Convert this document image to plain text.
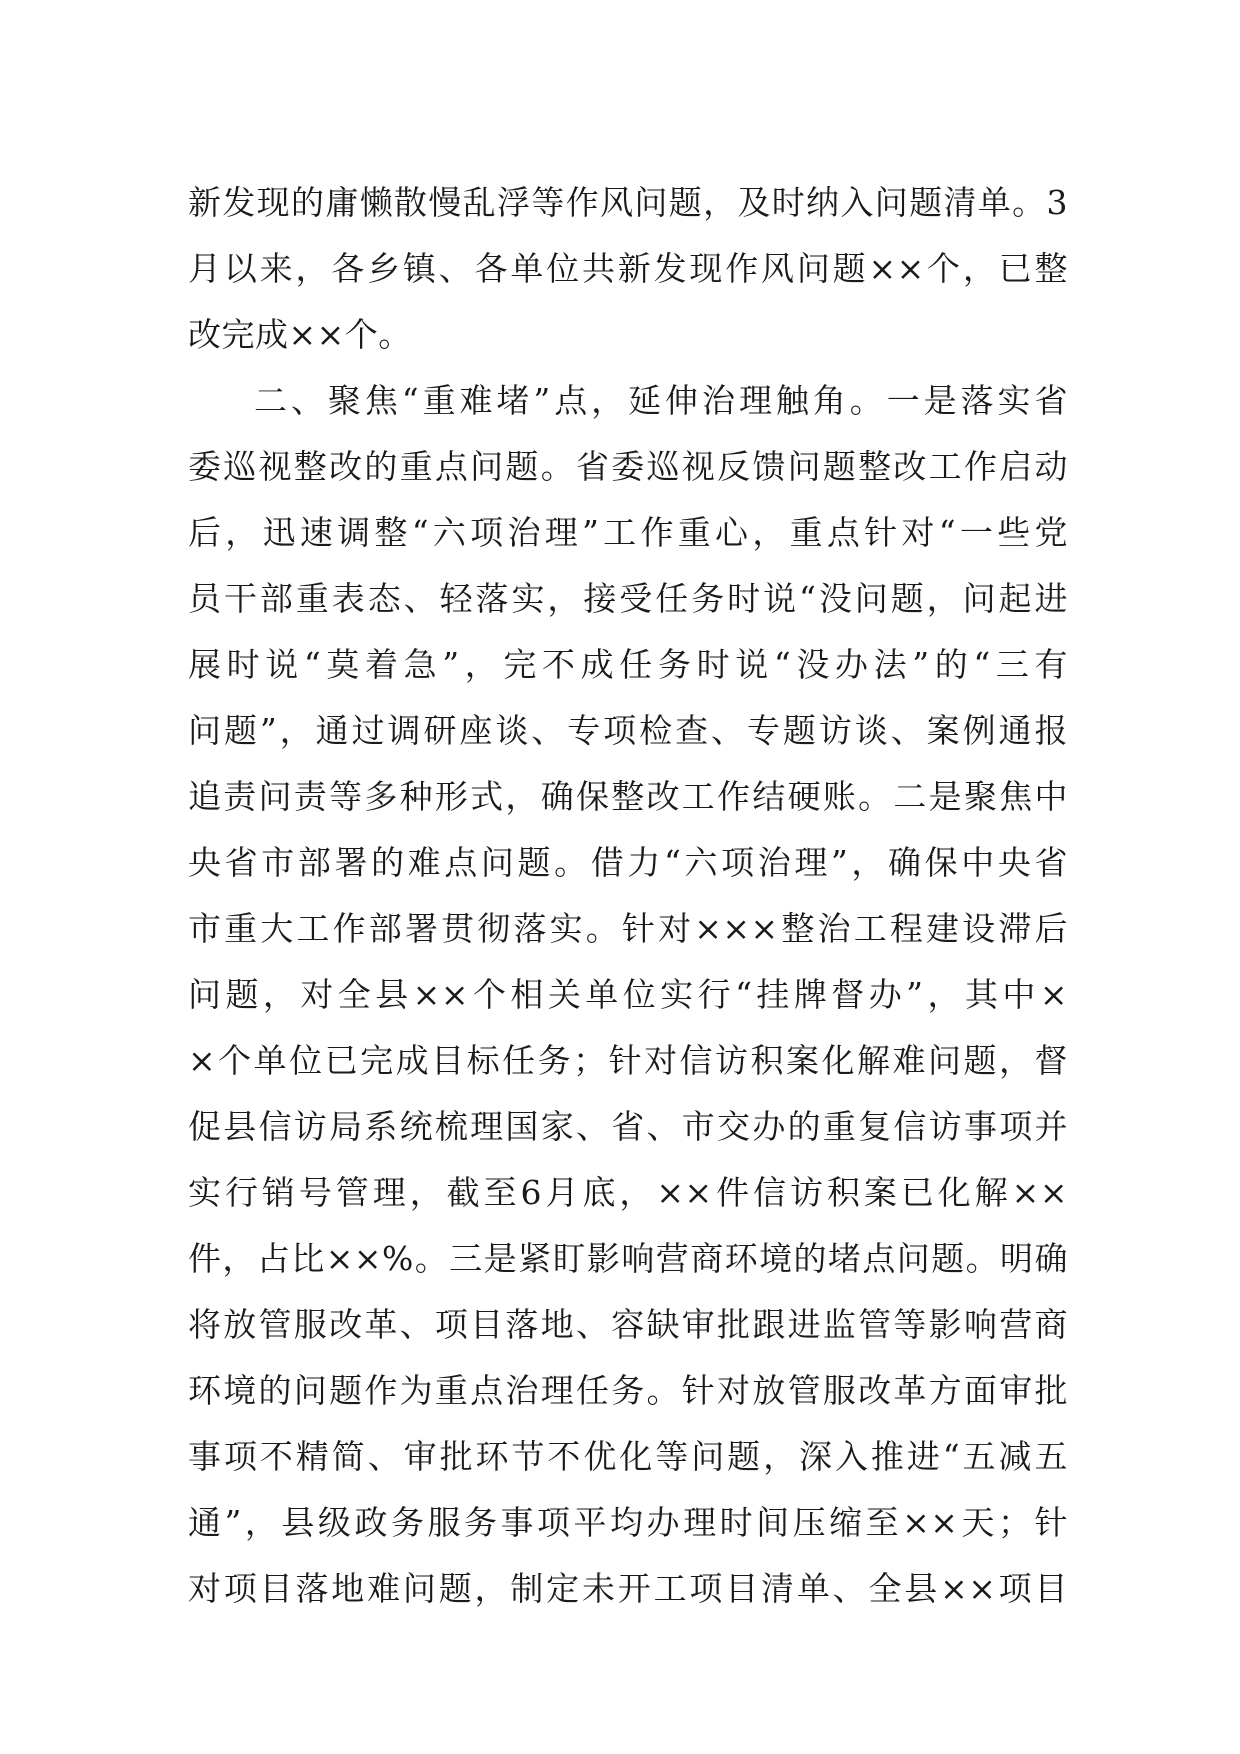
新发现的庸懒散慢乱浮等作风问题，及时纳入问题清单。3
月以来，各乡镇、各单位共新发现作风问题××个，已整
改完成××个。
二、聚焦“重难堵”点，延伸治理触角。一是落实省
委巡视整改的重点问题。省委巡视反馈问题整改工作启动
后，迅速调整“六项治理”工作重心，重点针对“一些党
员干部重表态、轻落实，接受任务时说“没问题，问起进
展时说“莫着急”，完不成任务时说“没办法”的“三有
问题”，通过调研座谈、专项检查、专题访谈、案例通报
追责问责等多种形式，确保整改工作结硬账。二是聚焦中
央省市部署的难点问题。借力“六项治理”，确保中央省
市重大工作部署贯彻落实。针对×××整治工程建设滞后
问题，对全县××个相关单位实行“挂牌督办”，其中×
×个单位已完成目标任务；针对信访积案化解难问题，督
促县信访局系统梳理国家、省、市交办的重复信访事项并
实行销号管理，截至6月底，××件信访积案已化解××
件，占比××%。三是紧盯影响营商环境的堵点问题。明确
将放管服改革、项目落地、容缺审批跟进监管等影响营商
环境的问题作为重点治理任务。针对放管服改革方面审批
事项不精简、审批环节不优化等问题，深入推进“五减五
通”，县级政务服务事项平均办理时间压缩至××天；针
对项目落地难问题，制定未开工项目清单、全县××项目
